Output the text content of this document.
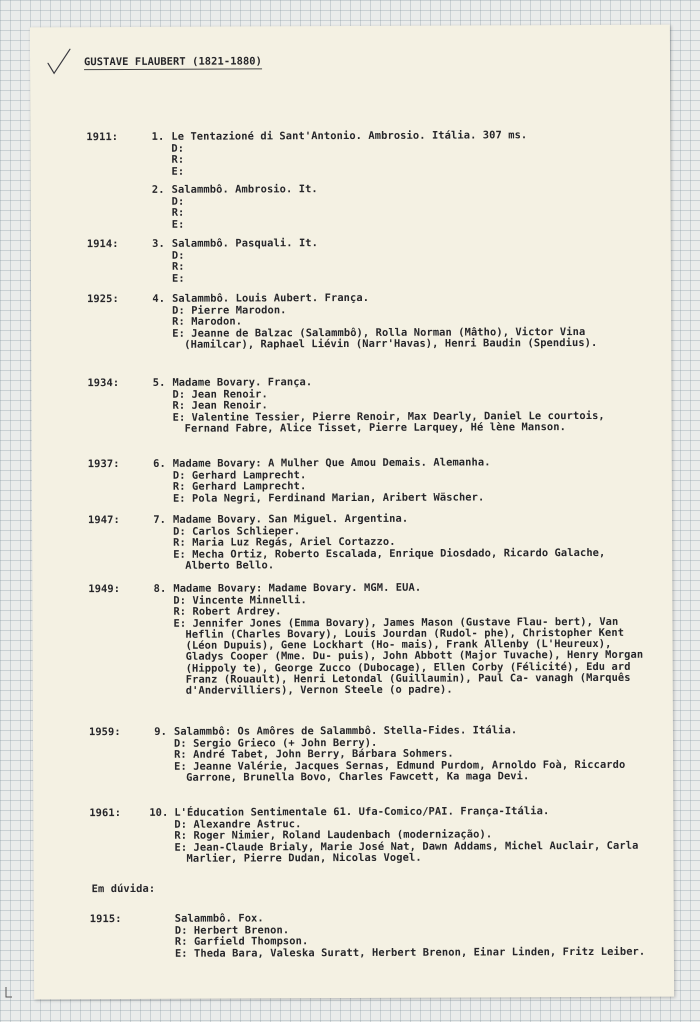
GUSTAVE FLAUBERT (1821-1880)
1911:	1. Le Tentazioné di Sant'Antonio. Ambrosio. Itália. 307 ms.
D:
R:
E:
2. Salammbô. Ambrosio. It.
D:
R:
E:
1914:	3. Salammbô. Pasquali. It.
D:
R:
E:
1925:	4. Salammbô. Louis Aubert. França.
D: Pierre Marodon.
R: Marodon.
E: Jeanne de Balzac (Salammbô), Rolla Norman (Mâtho), Victor Vina (Hamilcar), Raphael Liévin (Narr'Havas), Henri Baudin (Spendius).
1934:	5. Madame Bovary. França.
D: Jean Renoir.
R: Jean Renoir.
E: Valentine Tessier, Pierre Renoir, Max Dearly, Daniel Le courtois, Fernand Fabre, Alice Tisset, Pierre Larquey, Hé lène Manson.
1937:	6. Madame Bovary: A Mulher Que Amou Demais. Alemanha.
D: Gerhard Lamprecht.
R: Gerhard Lamprecht.
E: Pola Negri, Ferdinand Marian, Aribert Wäscher.
1947:	7. Madame Bovary. San Miguel. Argentina.
D: Carlos Schlieper.
R: Maria Luz Regás, Ariel Cortazzo.
E: Mecha Ortiz, Roberto Escalada, Enrique Diosdado, Ricardo Galache, Alberto Bello.
1949:	8. Madame Bovary: Madame Bovary. MGM. EUA.
D: Vincente Minnelli.
R: Robert Ardrey.
E: Jennifer Jones (Emma Bovary), James Mason (Gustave Flau- bert), Van Heflin (Charles Bovary), Louis Jourdan (Rudol- phe), Christopher Kent (Léon Dupuis), Gene Lockhart (Ho- mais), Frank Allenby (L'Heureux), Gladys Cooper (Mme. Du- puis), John Abbott (Major Tuvache), Henry Morgan (Hippoly te), George Zucco (Dubocage), Ellen Corby (Félicité), Edu ard Franz (Rouault), Henri Letondal (Guillaumin), Paul Ca- vanagh (Marquês d'Andervilliers), Vernon Steele (o padre).
1959:	9. Salammbô: Os Amôres de Salammbô. Stella-Fides. Itália.
D: Sergio Grieco (+ John Berry).
R: André Tabet, John Berry, Bárbara Sohmers.
E: Jeanne Valérie, Jacques Sernas, Edmund Purdom, Arnoldo Foà, Riccardo Garrone, Brunella Bovo, Charles Fawcett, Ka maga Devi.
1961:	10. L'Éducation Sentimentale 61. Ufa-Comico/PAI. França-Itália.
D: Alexandre Astruc.
R: Roger Nimier, Roland Laudenbach (modernização).
E: Jean-Claude Brialy, Marie José Nat, Dawn Addams, Michel Auclair, Carla Marlier, Pierre Dudan, Nicolas Vogel.
1915:	Salammbô. Fox.
D: Herbert Brenon.
R: Garfield Thompson.
E: Theda Bara, Valeska Suratt, Herbert Brenon, Einar Linden, Fritz Leiber.
Em dúvida:
